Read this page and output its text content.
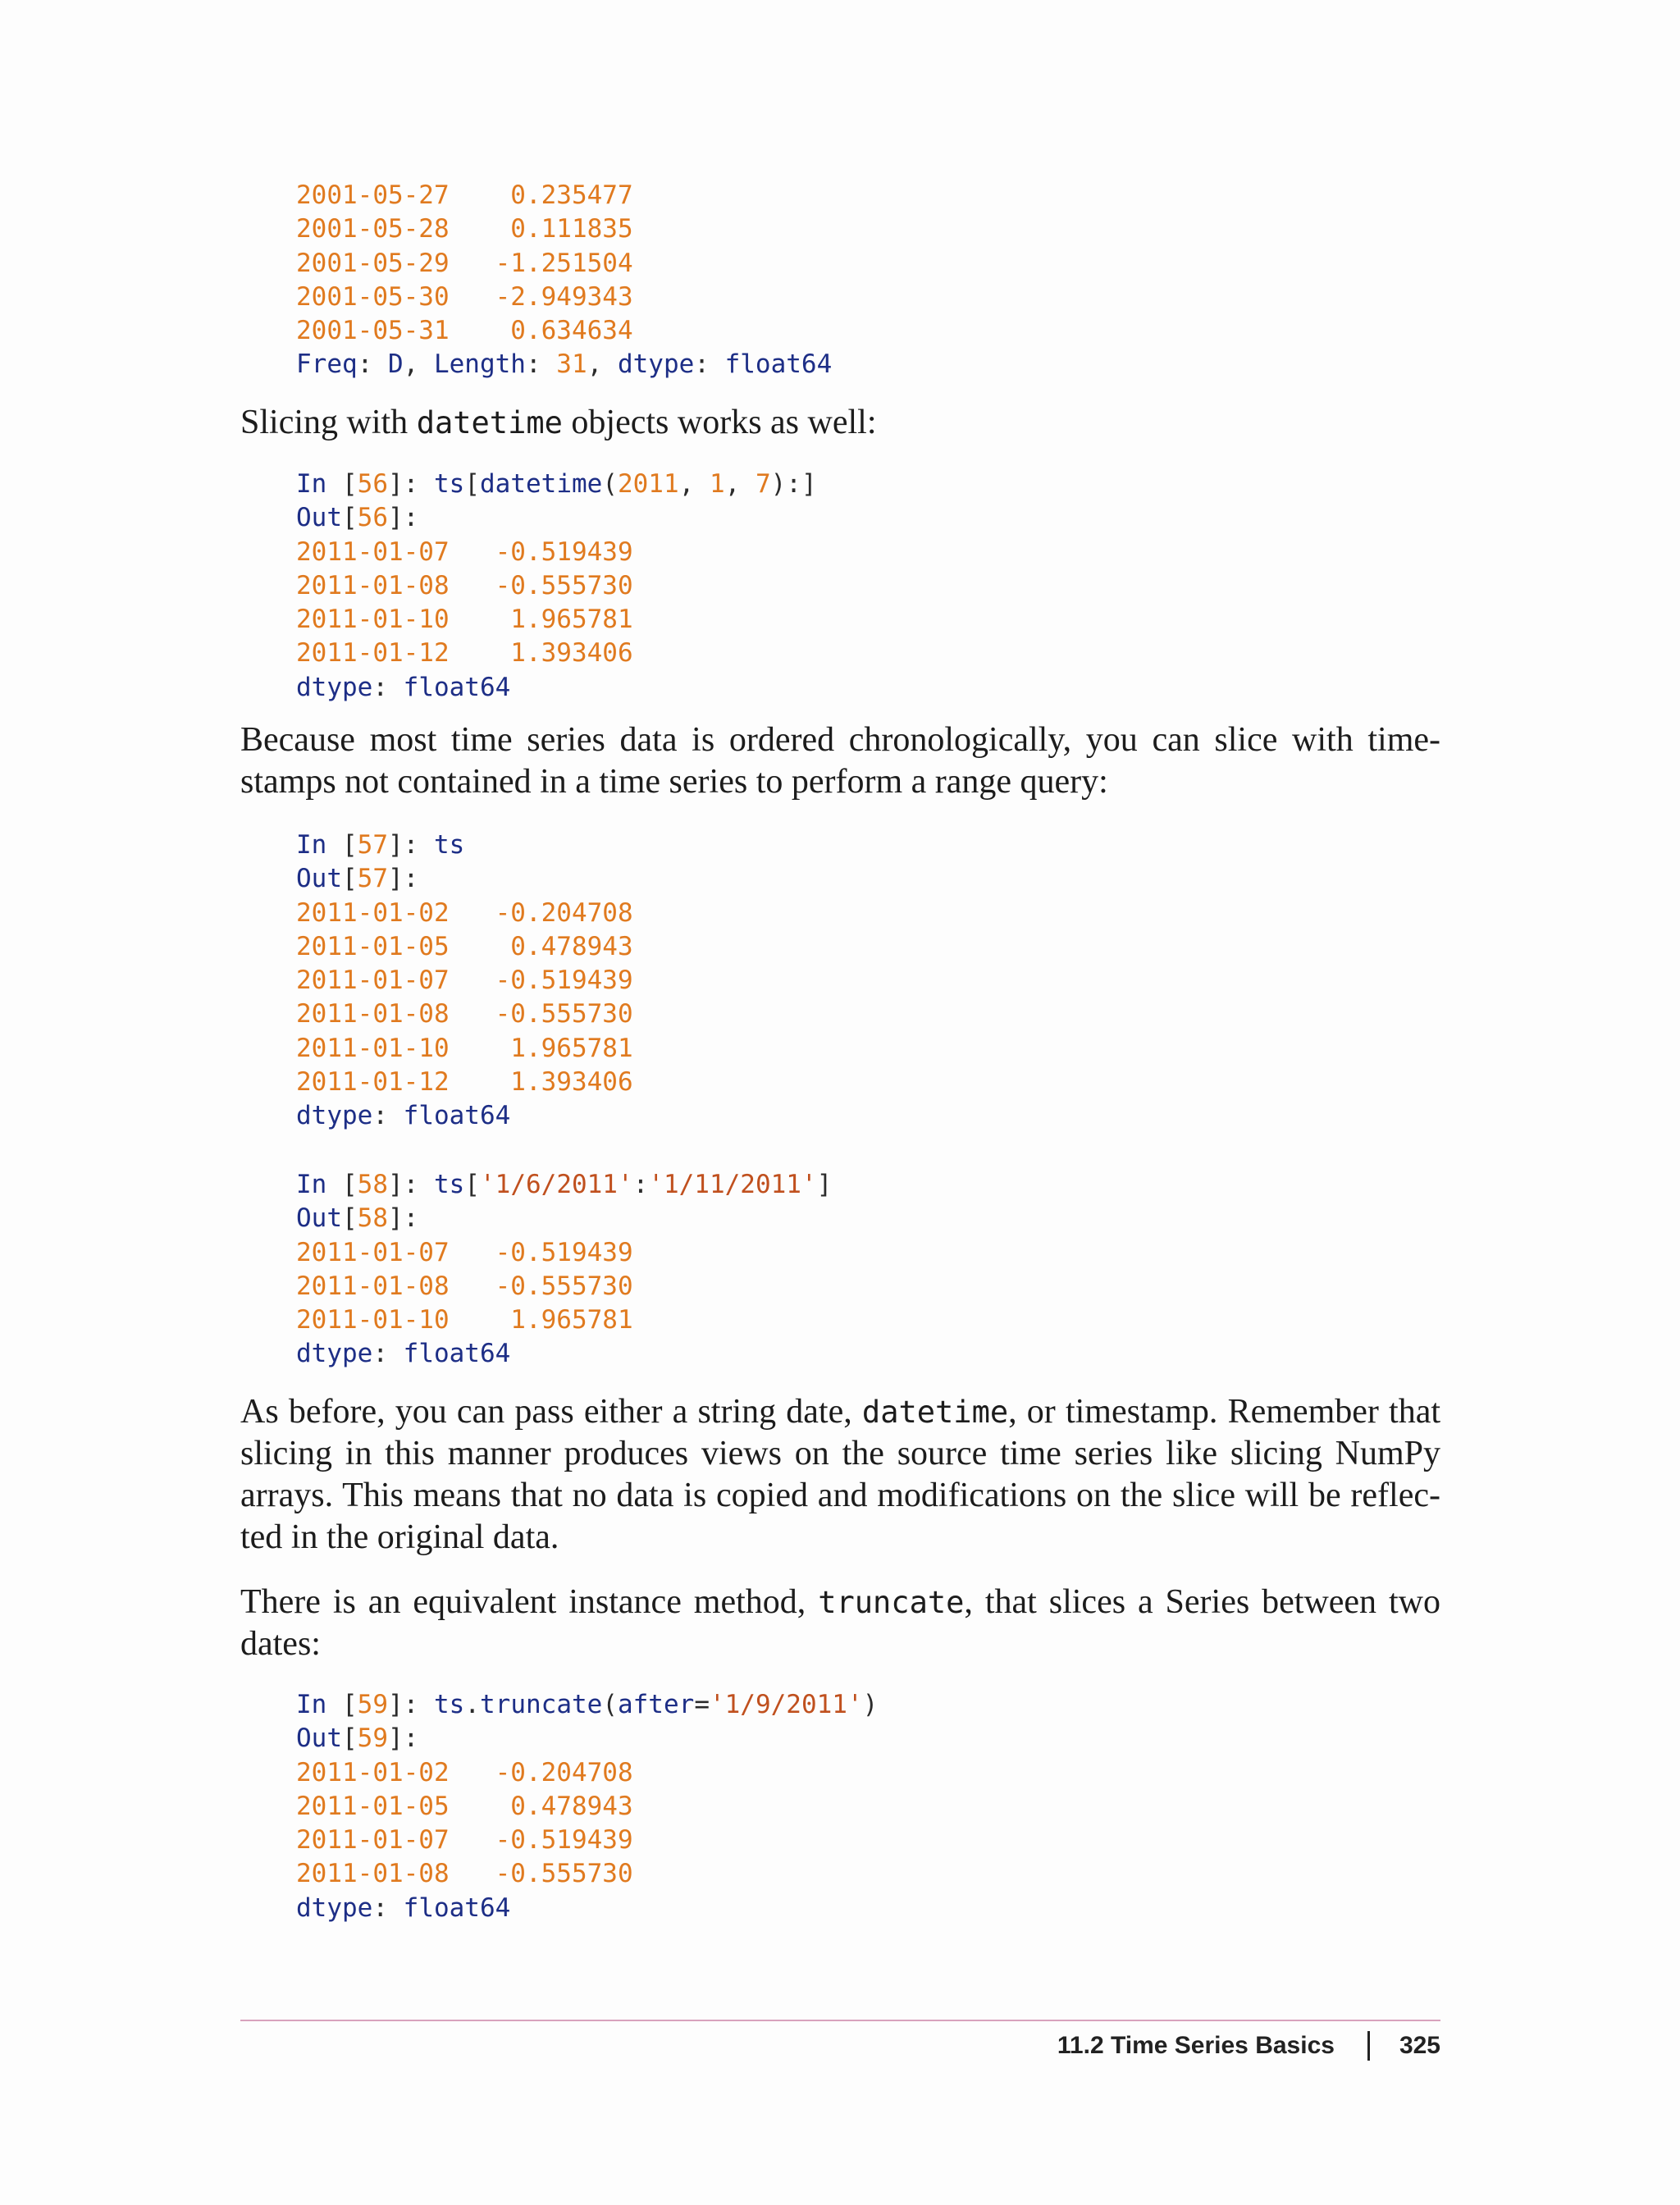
2001-05-27 0.235477
2001-05-28 0.111835
2001-05-29 -1.251504
2001-05-30 -2.949343
2001-05-31 0.634634
Freq: D, Length: 31, dtype: float64

Slicing with datetime objects works as well:

In [56]: ts[datetime(2011, 1, 7):]
Out[56]:
2011-01-07 -0.519439
2011-01-08 -0.555730
2011-01-10 1.965781
2011-01-12 1.393406
dtype: float64

Because most time series data is ordered chronologically, you can slice with timestamps not contained in a time series to perform a range query:

In [57]: ts
Out[57]:
2011-01-02 -0.204708
2011-01-05 0.478943
2011-01-07 -0.519439
2011-01-08 -0.555730
2011-01-10 1.965781
2011-01-12 1.393406
dtype: float64
In [58]: ts['1/6/2011':'1/11/2011']
Out[58]:
2011-01-07 -0.519439
2011-01-08 -0.555730
2011-01-10 1.965781
dtype: float64

As before, you can pass either a string date, datetime, or timestamp. Remember that slicing in this manner produces views on the source time series like slicing NumPy arrays. This means that no data is copied and modifications on the slice will be reflected in the original data.

There is an equivalent instance method, truncate, that slices a Series between two dates:

In [59]: ts.truncate(after='1/9/2011')
Out[59]:
2011-01-02 -0.204708
2011-01-05 0.478943
2011-01-07 -0.519439
2011-01-08 -0.555730
dtype: float64
11.2 Time Series Basics	325
